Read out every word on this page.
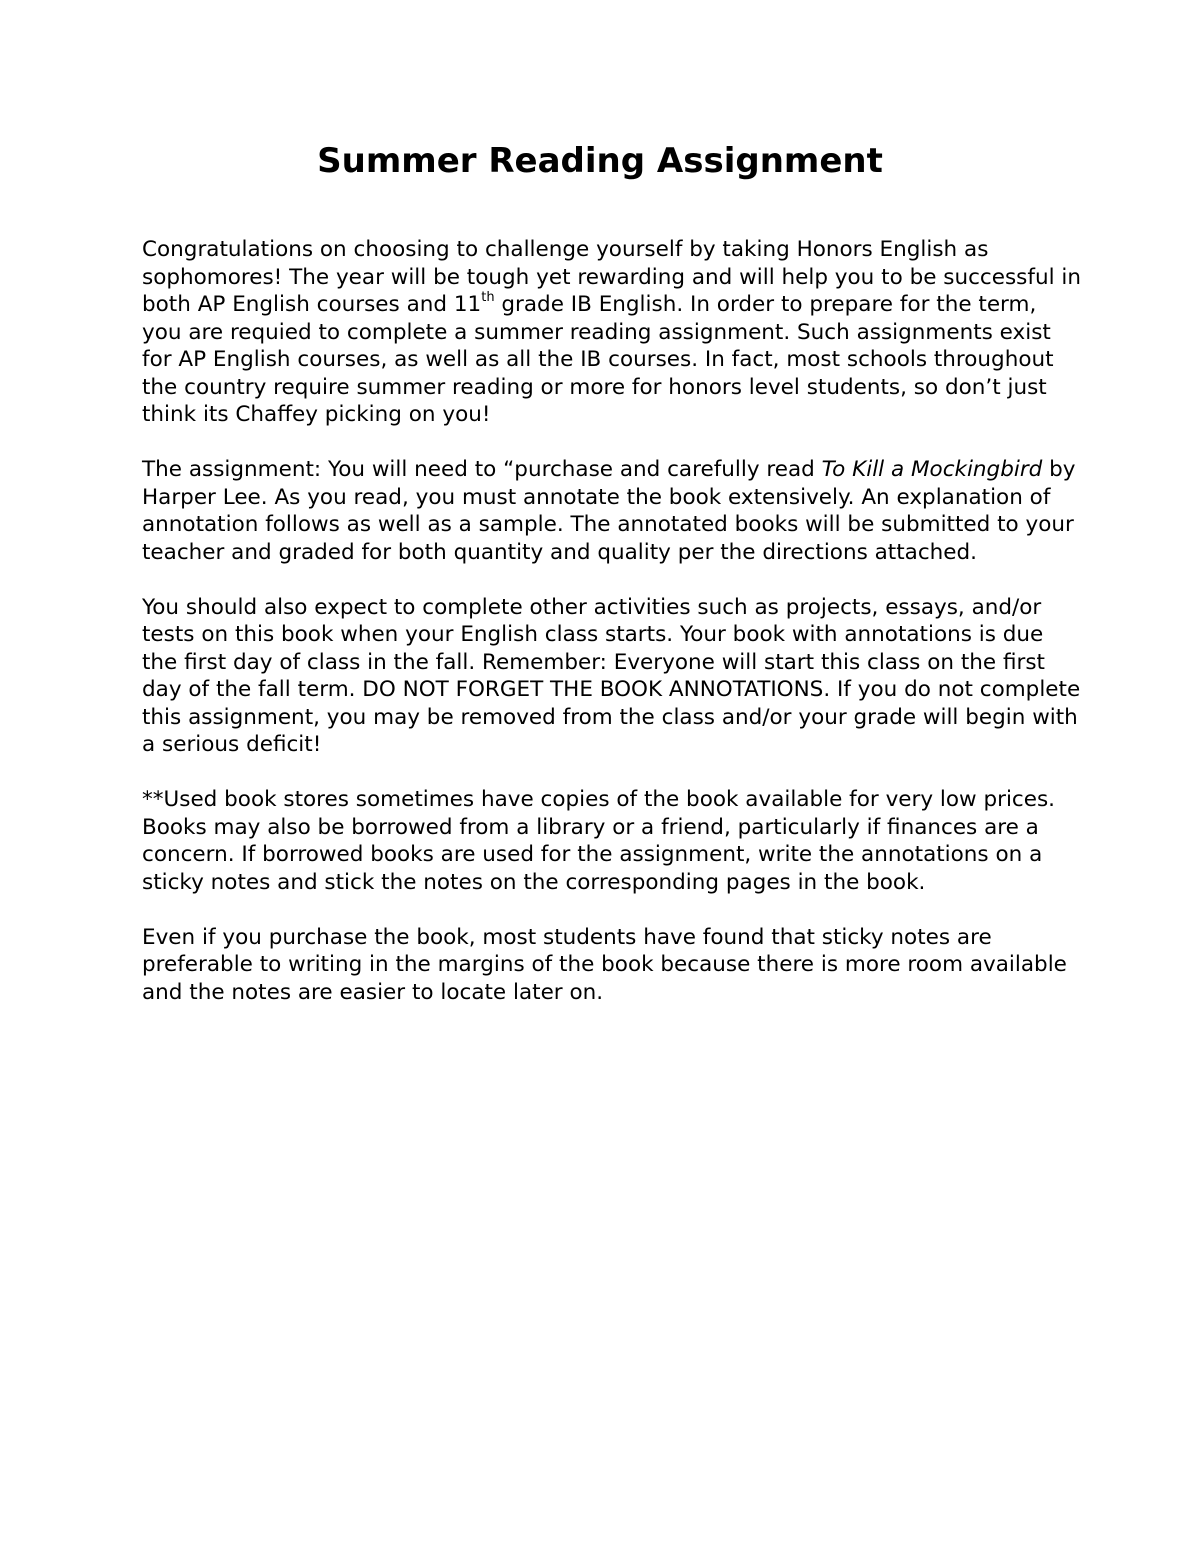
Summer Reading Assignment

Congratulations on choosing to challenge yourself by taking Honors English as sophomores! The year will be tough yet rewarding and will help you to be successful in both AP English courses and 11th grade IB English. In order to prepare for the term, you are requied to complete a summer reading assignment. Such assignments exist for AP English courses, as well as all the IB courses. In fact, most schools throughout the country require summer reading or more for honors level students, so don’t just think its Chaffey picking on you!

The assignment: You will need to “purchase and carefully read To Kill a Mockingbird by Harper Lee. As you read, you must annotate the book extensively. An explanation of annotation follows as well as a sample. The annotated books will be submitted to your teacher and graded for both quantity and quality per the directions attached.

You should also expect to complete other activities such as projects, essays, and/or tests on this book when your English class starts. Your book with annotations is due the first day of class in the fall. Remember: Everyone will start this class on the first day of the fall term. DO NOT FORGET THE BOOK ANNOTATIONS. If you do not complete this assignment, you may be removed from the class and/or your grade will begin with a serious deficit!

**Used book stores sometimes have copies of the book available for very low prices. Books may also be borrowed from a library or a friend, particularly if finances are a concern. If borrowed books are used for the assignment, write the annotations on a sticky notes and stick the notes on the corresponding pages in the book.

Even if you purchase the book, most students have found that sticky notes are preferable to writing in the margins of the book because there is more room available and the notes are easier to locate later on.
